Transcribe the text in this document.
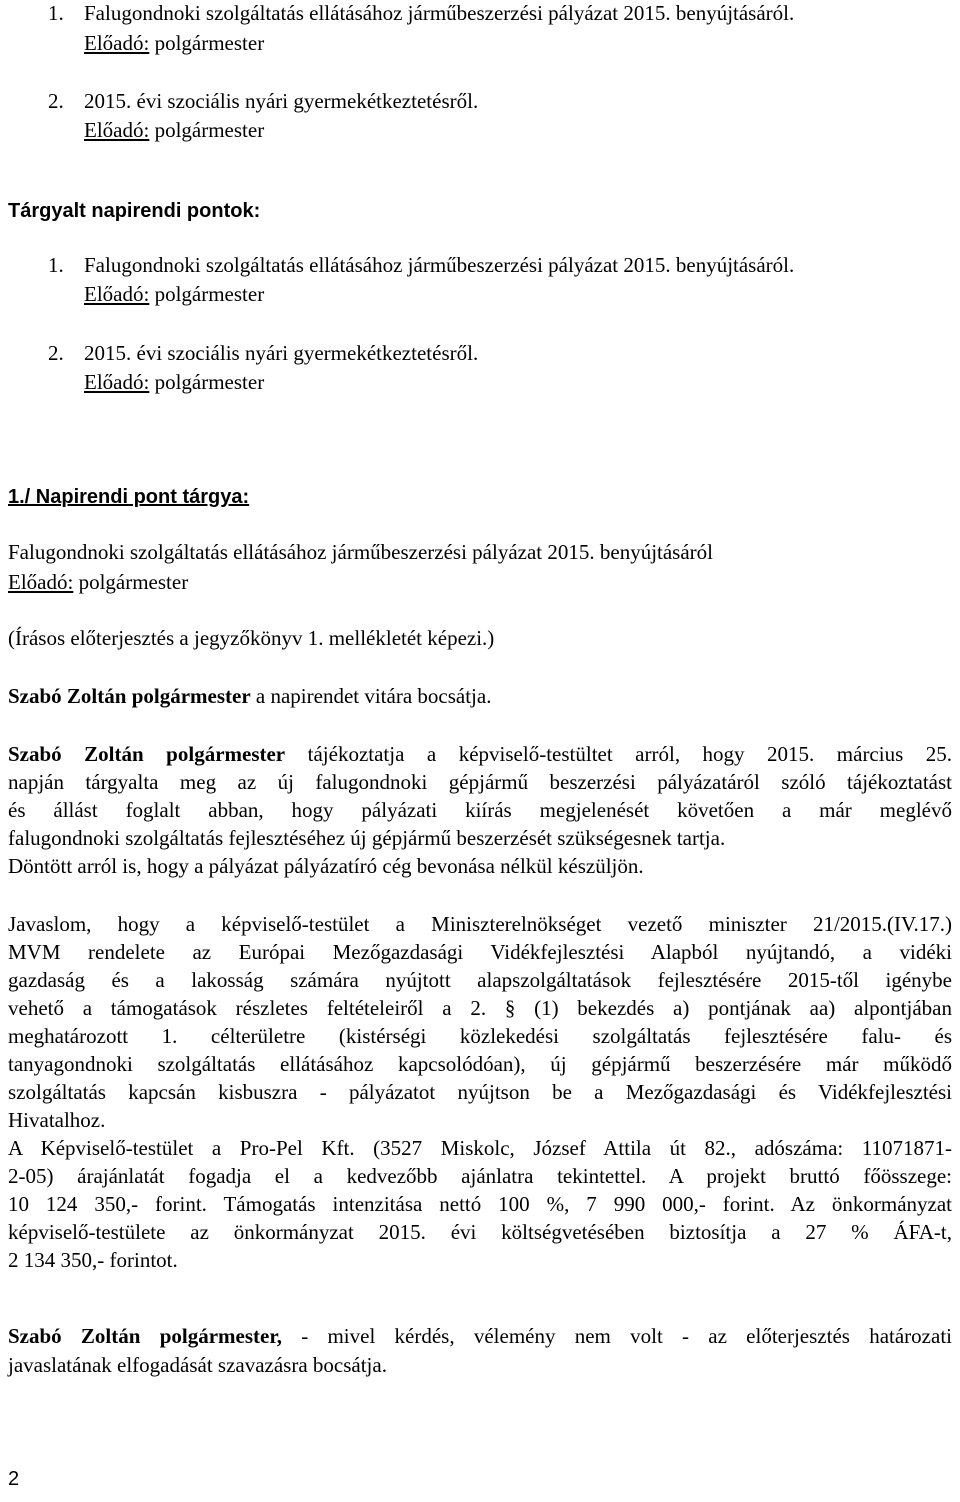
1. Falugondnoki szolgáltatás ellátásához járműbeszerzési pályázat 2015. benyújtásáról.
Előadó: polgármester
2. 2015. évi szociális nyári gyermekétkeztetésről.
Előadó: polgármester
Tárgyalt napirendi pontok:
1. Falugondnoki szolgáltatás ellátásához járműbeszerzési pályázat 2015. benyújtásáról.
Előadó: polgármester
2. 2015. évi szociális nyári gyermekétkeztetésről.
Előadó: polgármester
1./ Napirendi pont tárgya:
Falugondnoki szolgáltatás ellátásához járműbeszerzési pályázat 2015. benyújtásáról
Előadó: polgármester
(Írásos előterjesztés a jegyzőkönyv 1. mellékletét képezi.)
Szabó Zoltán polgármester a napirendet vitára bocsátja.
Szabó Zoltán polgármester tájékoztatja a képviselő-testültet arról, hogy 2015. március 25.
napján tárgyalta meg az új falugondnoki gépjármű beszerzési pályázatáról szóló tájékoztatást
és állást foglalt abban, hogy pályázati kiírás megjelenését követően a már meglévő
falugondnoki szolgáltatás fejlesztéséhez új gépjármű beszerzését szükségesnek tartja.
Döntött arról is, hogy a pályázat pályázatíró cég bevonása nélkül készüljön.
Javaslom, hogy a képviselő-testület a Miniszterelnökséget vezető miniszter 21/2015.(IV.17.)
MVM rendelete az Európai Mezőgazdasági Vidékfejlesztési Alapból nyújtandó, a vidéki
gazdaság és a lakosság számára nyújtott alapszolgáltatások fejlesztésére 2015-től igénybe
vehető a támogatások részletes feltételeiről a 2. § (1) bekezdés a) pontjának aa) alpontjában
meghatározott 1. célterületre (kistérségi közlekedési szolgáltatás fejlesztésére falu- és
tanyagondnoki szolgáltatás ellátásához kapcsolódóan), új gépjármű beszerzésére már működő
szolgáltatás kapcsán kisbuszra - pályázatot nyújtson be a Mezőgazdasági és Vidékfejlesztési
Hivatalhoz.
A Képviselő-testület a Pro-Pel Kft. (3527 Miskolc, József Attila út 82., adószáma: 11071871-
2-05) árajánlatát fogadja el a kedvezőbb ajánlatra tekintettel. A projekt bruttó főösszege:
10 124 350,- forint. Támogatás intenzitása nettó 100 %, 7 990 000,- forint. Az önkormányzat
képviselő-testülete az önkormányzat 2015. évi költségvetésében biztosítja a 27 % ÁFA-t,
2 134 350,- forintot.
Szabó Zoltán polgármester, - mivel kérdés, vélemény nem volt - az előterjesztés határozati
javaslatának elfogadását szavazásra bocsátja.
2
